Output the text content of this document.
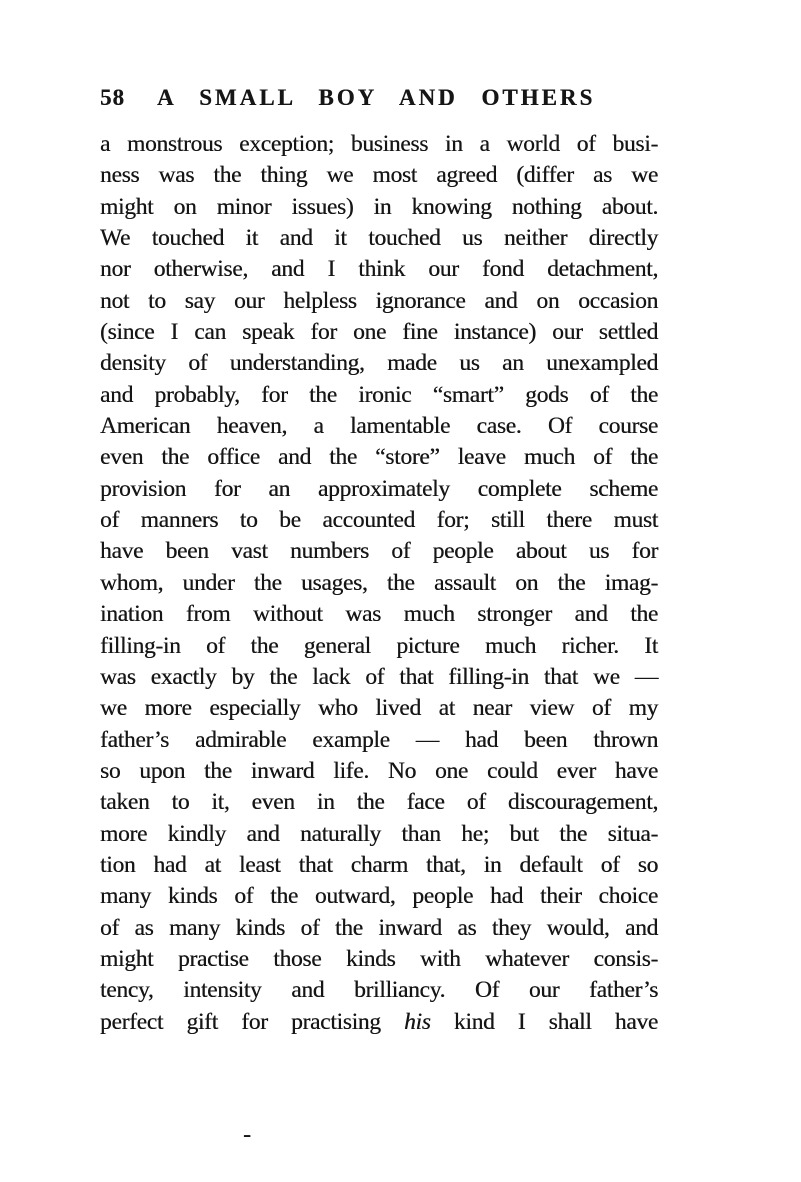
58 A SMALL BOY AND OTHERS
a monstrous exception; business in a world of busi-
ness was the thing we most agreed (differ as we
might on minor issues) in knowing nothing about.
We touched it and it touched us neither directly
nor otherwise, and I think our fond detachment,
not to say our helpless ignorance and on occasion
(since I can speak for one fine instance) our settled
density of understanding, made us an unexampled
and probably, for the ironic “smart” gods of the
American heaven, a lamentable case. Of course
even the office and the “store” leave much of the
provision for an approximately complete scheme
of manners to be accounted for; still there must
have been vast numbers of people about us for
whom, under the usages, the assault on the imag-
ination from without was much stronger and the
filling-in of the general picture much richer. It
was exactly by the lack of that filling-in that we —
we more especially who lived at near view of my
father’s admirable example — had been thrown
so upon the inward life. No one could ever have
taken to it, even in the face of discouragement,
more kindly and naturally than he; but the situa-
tion had at least that charm that, in default of so
many kinds of the outward, people had their choice
of as many kinds of the inward as they would, and
might practise those kinds with whatever consis-
tency, intensity and brilliancy. Of our father’s
perfect gift for practising his kind I shall have
-
